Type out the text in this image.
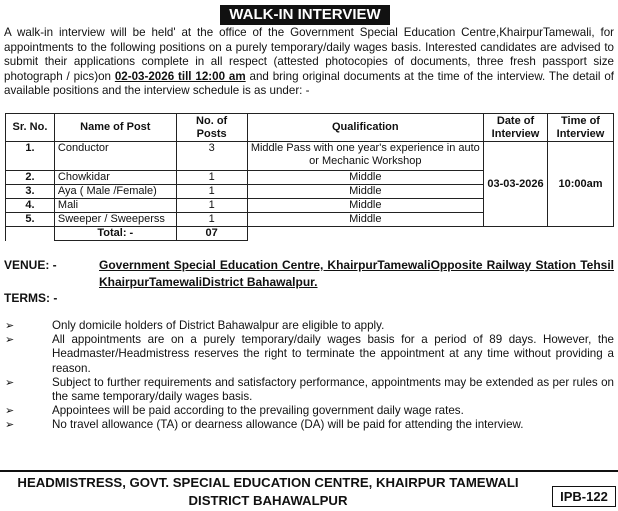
WALK-IN INTERVIEW
A walk-in interview will be held' at the office of the Government Special Education Centre,KhairpurTamewali, for appointments to the following positions on a purely temporary/daily wages basis. Interested candidates are advised to submit their applications complete in all respect (attested photocopies of documents, three fresh passport size photograph / pics)on 02-03-2026 till 12:00 am and bring original documents at the time of the interview. The detail of available positions and the interview schedule is as under: -
Sr. No.	Name of Post	No. of Posts	Qualification	Date of Interview	Time of Interview
1.	Conductor	3	Middle Pass with one year's experience in auto or Mechanic Workshop	03-03-2026	10:00am
2.	Chowkidar	1	Middle		
3.	Aya ( Male /Female)	1	Middle		
4.	Mali	1	Middle		
5.	Sweeper / Sweeperss	1	Middle		
	Total: -	07			
VENUE: -	Government Special Education Centre, KhairpurTamewaliOpposite Railway Station Tehsil KhairpurTamewaliDistrict Bahawalpur.
TERMS: -
➢	Only domicile holders of District Bahawalpur are eligible to apply.
➢	All appointments are on a purely temporary/daily wages basis for a period of 89 days. However, the Headmaster/Headmistress reserves the right to terminate the appointment at any time without providing a reason.
➢	Subject to further requirements and satisfactory performance, appointments may be extended as per rules on the same temporary/daily wages basis.
➢	Appointees will be paid according to the prevailing government daily wage rates.
➢	No travel allowance (TA) or dearness allowance (DA) will be paid for attending the interview.
HEADMISTRESS, GOVT. SPECIAL EDUCATION CENTRE, KHAIRPUR TAMEWALI
DISTRICT BAHAWALPUR	IPB-122
